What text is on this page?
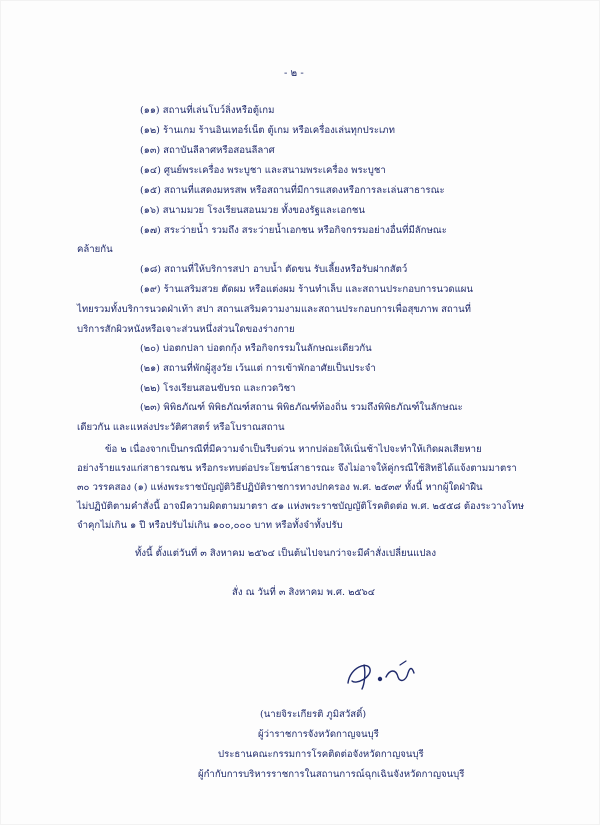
- ๒ -
(๑๑) สถานที่เล่นโบว์ลิ่งหรือตู้เกม
(๑๒) ร้านเกม ร้านอินเทอร์เน็ต ตู้เกม หรือเครื่องเล่นทุกประเภท
(๑๓) สถาบันลีลาศหรือสอนลีลาศ
(๑๔) ศูนย์พระเครื่อง พระบูชา และสนามพระเครื่อง พระบูชา
(๑๕) สถานที่แสดงมหรสพ หรือสถานที่มีการแสดงหรือการละเล่นสาธารณะ
(๑๖) สนามมวย โรงเรียนสอนมวย ทั้งของรัฐและเอกชน
(๑๗) สระว่ายน้ำ รวมถึง สระว่ายน้ำเอกชน หรือกิจกรรมอย่างอื่นที่มีลักษณะ
คล้ายกัน
(๑๘) สถานที่ให้บริการสปา อาบน้ำ ตัดขน รับเลี้ยงหรือรับฝากสัตว์
(๑๙) ร้านเสริมสวย ตัดผม หรือแต่งผม ร้านทำเล็บ และสถานประกอบการนวดแผน
ไทยรวมทั้งบริการนวดฝ่าเท้า สปา สถานเสริมความงามและสถานประกอบการเพื่อสุขภาพ สถานที่
บริการสักผิวหนังหรือเจาะส่วนหนึ่งส่วนใดของร่างกาย
(๒๐) บ่อตกปลา บ่อตกกุ้ง หรือกิจกรรมในลักษณะเดียวกัน
(๒๑) สถานที่พักผู้สูงวัย เว้นแต่ การเข้าพักอาศัยเป็นประจำ
(๒๒) โรงเรียนสอนขับรถ และกวดวิชา
(๒๓) พิพิธภัณฑ์ พิพิธภัณฑ์สถาน พิพิธภัณฑ์ท้องถิ่น รวมถึงพิพิธภัณฑ์ในลักษณะ
เดียวกัน และแหล่งประวัติศาสตร์ หรือโบราณสถาน
ข้อ ๒ เนื่องจากเป็นกรณีที่มีความจำเป็นรีบด่วน หากปล่อยให้เนิ่นช้าไปจะทำให้เกิดผลเสียหาย
อย่างร้ายแรงแก่สาธารณชน หรือกระทบต่อประโยชน์สาธารณะ จึงไม่อาจให้คู่กรณีใช้สิทธิได้แจ้งตามมาตรา
๓๐ วรรคสอง (๑) แห่งพระราชบัญญัติวิธีปฏิบัติราชการทางปกครอง พ.ศ. ๒๕๓๙ ทั้งนี้ หากผู้ใดฝ่าฝืน
ไม่ปฏิบัติตามคำสั่งนี้ อาจมีความผิดตามมาตรา ๕๑ แห่งพระราชบัญญัติโรคติดต่อ พ.ศ. ๒๕๕๘ ต้องระวางโทษ
จำคุกไม่เกิน ๑ ปี หรือปรับไม่เกิน ๑๐๐,๐๐๐ บาท หรือทั้งจำทั้งปรับ
ทั้งนี้ ตั้งแต่วันที่ ๓ สิงหาคม ๒๕๖๔ เป็นต้นไปจนกว่าจะมีคำสั่งเปลี่ยนแปลง
สั่ง ณ วันที่ ๓ สิงหาคม พ.ศ. ๒๕๖๔
(นายจิระเกียรติ ภูมิสวัสดิ์)
ผู้ว่าราชการจังหวัดกาญจนบุรี
ประธานคณะกรรมการโรคติดต่อจังหวัดกาญจนบุรี
ผู้กำกับการบริหารราชการในสถานการณ์ฉุกเฉินจังหวัดกาญจนบุรี
